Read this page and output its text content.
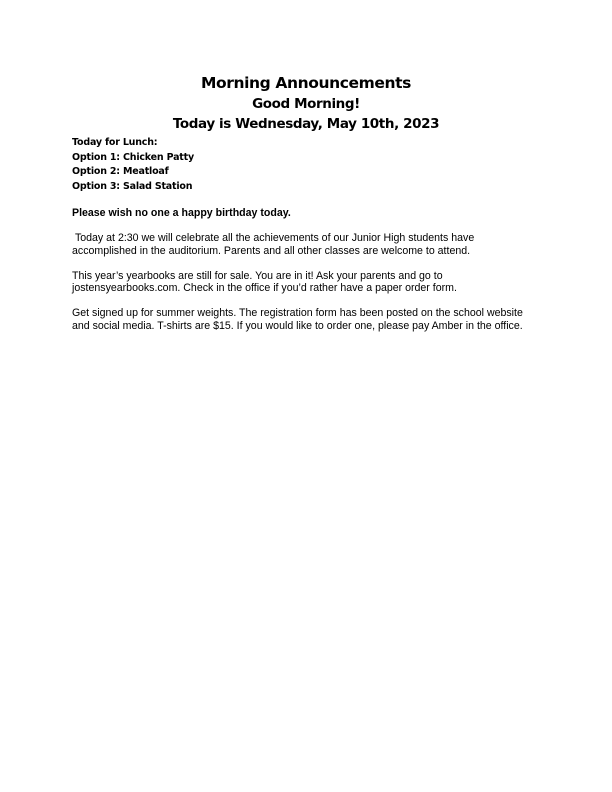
Morning Announcements
Good Morning!
Today is Wednesday, May 10th, 2023
Today for Lunch:
Option 1: Chicken Patty
Option 2: Meatloaf
Option 3: Salad Station

Please wish no one a happy birthday today.

Today at 2:30 we will celebrate all the achievements of our Junior High students have accomplished in the auditorium. Parents and all other classes are welcome to attend.

This year’s yearbooks are still for sale. You are in it! Ask your parents and go to jostensyearbooks.com. Check in the office if you’d rather have a paper order form.

Get signed up for summer weights. The registration form has been posted on the school website and social media. T-shirts are $15. If you would like to order one, please pay Amber in the office.
